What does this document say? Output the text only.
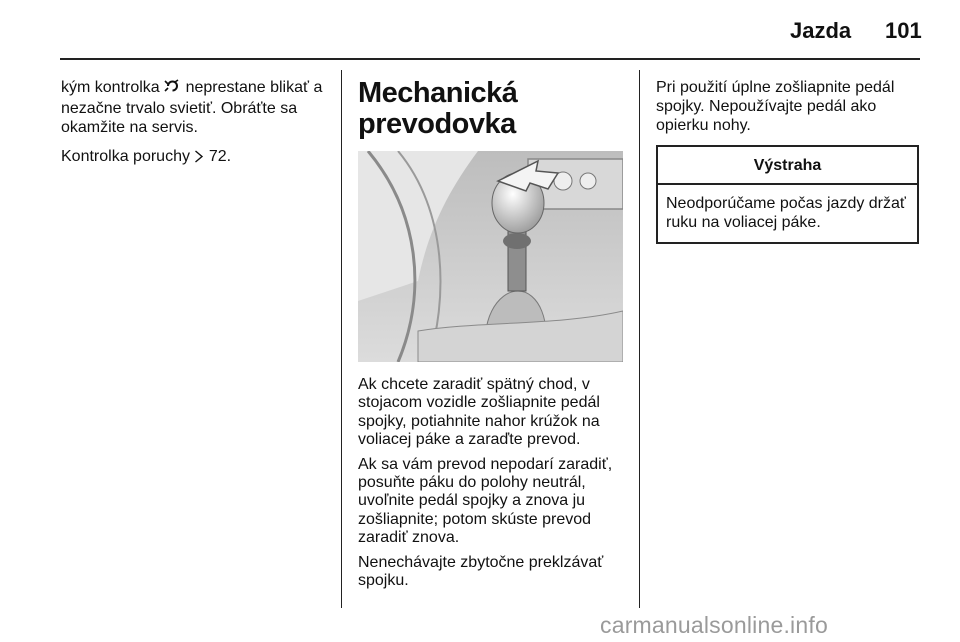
Jazda 101

kým kontrolka  neprestane blikať a nezačne trvalo svietiť. Obráťte sa okamžite na servis.

Kontrolka poruchy  72.

Mechanická
prevodovka

Ak chcete zaradiť spätný chod, v stojacom vozidle zošliapnite pedál spojky, potiahnite nahor krúžok na voliacej páke a zaraďte prevod.

Ak sa vám prevod nepodarí zaradiť, posuňte páku do polohy neutrál, uvoľnite pedál spojky a znova ju zošliapnite; potom skúste prevod zaradiť znova.

Nenechávajte zbytočne preklzávať spojku.

Pri použití úplne zošliapnite pedál spojky. Nepoužívajte pedál ako opierku nohy.

Výstraha
Neodporúčame počas jazdy držať ruku na voliacej páke.
carmanualsonline.info
